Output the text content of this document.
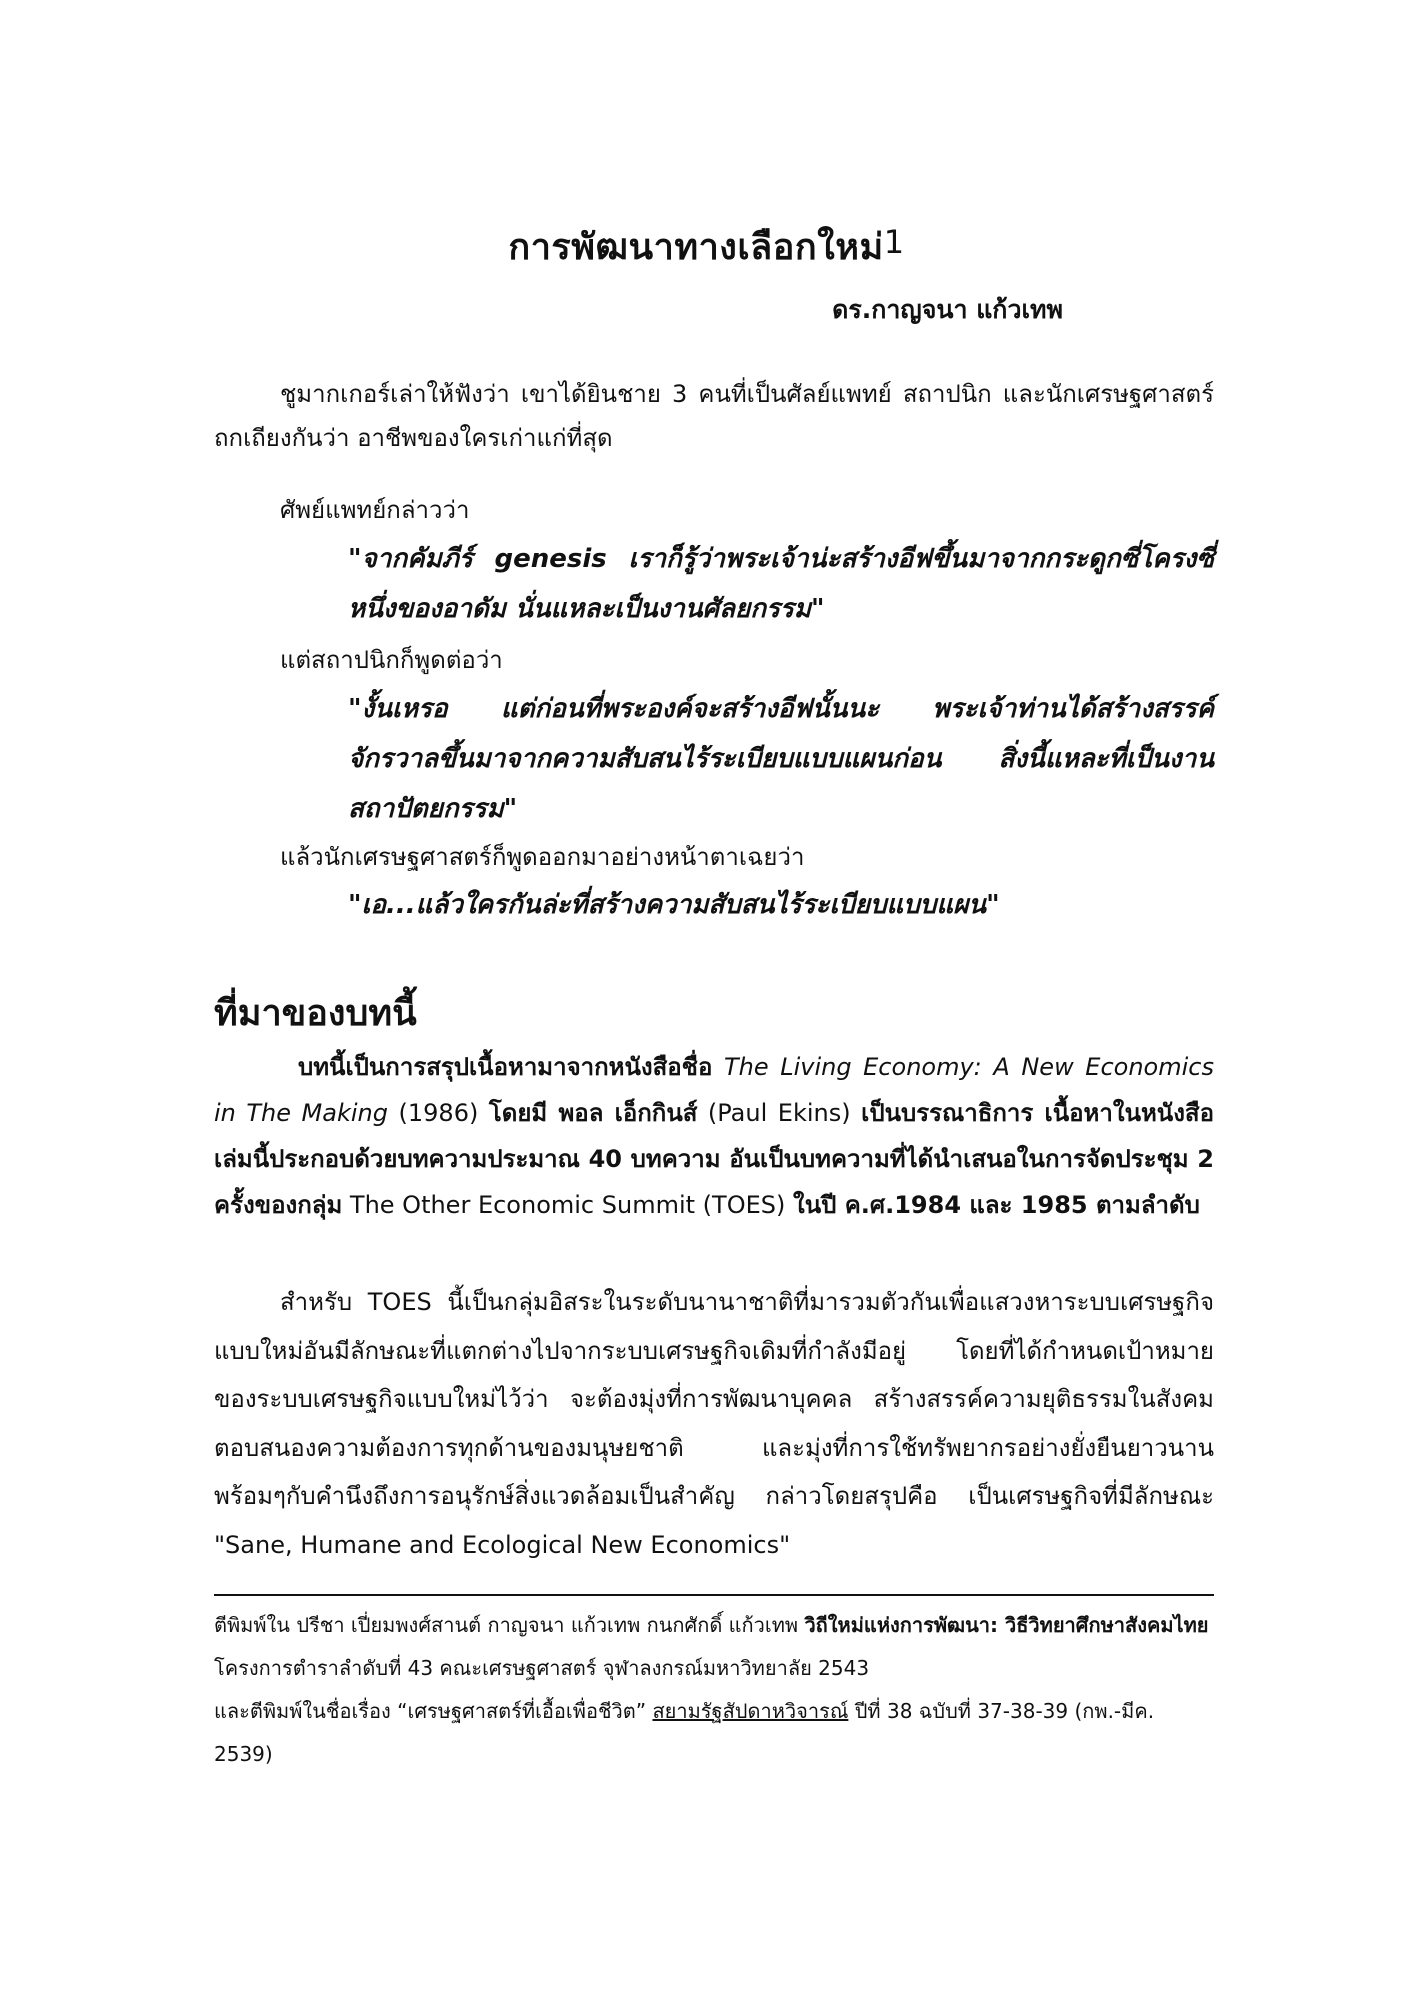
การพัฒนาทางเลือกใหม่$^1$
ดร.กาญจนา แก้วเทพ
ชูมากเกอร์เล่าให้ฟังว่า เขาได้ยินชาย 3 คนที่เป็นศัลย์แพทย์ สถาปนิก และนักเศรษฐศาสตร์ ถกเถียงกันว่า อาชีพของใครเก่าแก่ที่สุด
ศัพย์แพทย์กล่าวว่า
"จากคัมภีร์ genesis เราก็รู้ว่าพระเจ้าน่ะสร้างอีฟขึ้นมาจากกระดูกซี่โครงซี่หนึ่งของอาดัม นั่นแหละเป็นงานศัลยกรรม"
แต่สถาปนิกก็พูดต่อว่า
"งั้นเหรอ แต่ก่อนที่พระองค์จะสร้างอีฟนั้นนะ พระเจ้าท่านได้สร้างสรรค์จักรวาลขึ้นมาจากความสับสนไร้ระเบียบแบบแผนก่อน สิ่งนี้แหละที่เป็นงานสถาปัตยกรรม"
แล้วนักเศรษฐศาสตร์ก็พูดออกมาอย่างหน้าตาเฉยว่า
"เอ...แล้วใครกันล่ะที่สร้างความสับสนไร้ระเบียบแบบแผน"
ที่มาของบทนี้
บทนี้เป็นการสรุปเนื้อหามาจากหนังสือชื่อ The Living Economy: A New Economics in The Making (1986) โดยมี พอล เอ็กกินส์ (Paul Ekins) เป็นบรรณาธิการ เนื้อหาในหนังสือเล่มนี้ประกอบด้วยบทความประมาณ 40 บทความ อันเป็นบทความที่ได้นำเสนอในการจัดประชุม 2 ครั้งของกลุ่ม The Other Economic Summit (TOES) ในปี ค.ศ.1984 และ 1985 ตามลำดับ
สำหรับ TOES นี้เป็นกลุ่มอิสระในระดับนานาชาติที่มารวมตัวกันเพื่อแสวงหาระบบเศรษฐกิจแบบใหม่อันมีลักษณะที่แตกต่างไปจากระบบเศรษฐกิจเดิมที่กำลังมีอยู่ โดยที่ได้กำหนดเป้าหมายของระบบเศรษฐกิจแบบใหม่ไว้ว่า จะต้องมุ่งที่การพัฒนาบุคคล สร้างสรรค์ความยุติธรรมในสังคม ตอบสนองความต้องการทุกด้านของมนุษยชาติ และมุ่งที่การใช้ทรัพยากรอย่างยั่งยืนยาวนาน พร้อมๆกับคำนึงถึงการอนุรักษ์สิ่งแวดล้อมเป็นสำคัญ กล่าวโดยสรุปคือ เป็นเศรษฐกิจที่มีลักษณะ "Sane, Humane and Ecological New Economics"
ตีพิมพ์ใน ปรีชา เปี่ยมพงศ์สานต์ กาญจนา แก้วเทพ กนกศักดิ์ แก้วเทพ วิถีใหม่แห่งการพัฒนา: วิธีวิทยาศึกษาสังคมไทย โครงการตำราลำดับที่ 43 คณะเศรษฐศาสตร์ จุฬาลงกรณ์มหาวิทยาลัย 2543
และตีพิมพ์ในชื่อเรื่อง “เศรษฐศาสตร์ที่เอื้อเพื่อชีวิต” สยามรัฐสัปดาหวิจารณ์ ปีที่ 38 ฉบับที่ 37-38-39 (กพ.-มีค. 2539)
